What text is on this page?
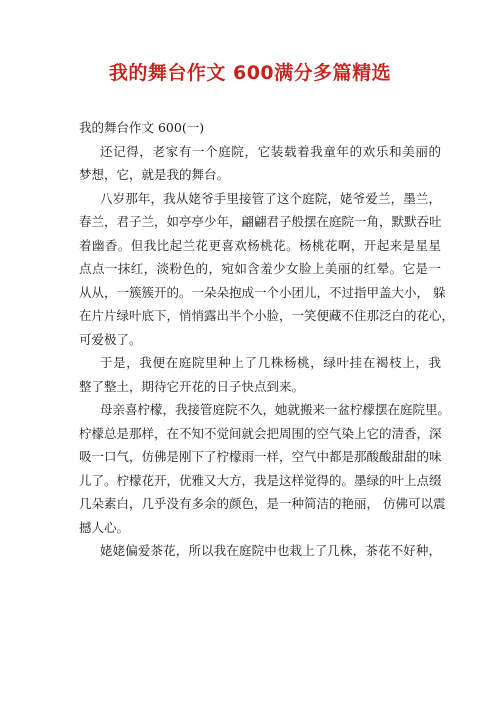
我的舞台作文 600满分多篇精选
我的舞台作文 600(一)
还记得，老家有一个庭院，它装载着我童年的欢乐和美丽的
梦想，它，就是我的舞台。
八岁那年，我从姥爷手里接管了这个庭院，姥爷爱兰，墨兰，
春兰，君子兰，如亭亭少年，翩翩君子般摆在庭院一角，默默吞吐
着幽香。但我比起兰花更喜欢杨桃花。杨桃花啊，开起来是星星
点点一抹红，淡粉色的，宛如含羞少女脸上美丽的红晕。它是一
从从，一簇簇开的。一朵朵抱成一个小团儿，不过指甲盖大小， 躲
在片片绿叶底下，悄悄露出半个小脸，一笑便藏不住那泛白的花心，
可爱极了。
于是，我便在庭院里种上了几株杨桃，绿叶挂在褐枝上，我
整了整土，期待它开花的日子快点到来。
母亲喜柠檬，我接管庭院不久，她就搬来一盆柠檬摆在庭院里。
柠檬总是那样，在不知不觉间就会把周围的空气染上它的清香，深
吸一口气，仿佛是刚下了柠檬雨一样，空气中都是那酸酸甜甜的味
儿了。柠檬花开，优雅又大方，我是这样觉得的。墨绿的叶上点缀
几朵素白，几乎没有多余的颜色，是一种简洁的艳丽， 仿佛可以震
撼人心。
姥姥偏爱茶花，所以我在庭院中也栽上了几株，茶花不好种，
